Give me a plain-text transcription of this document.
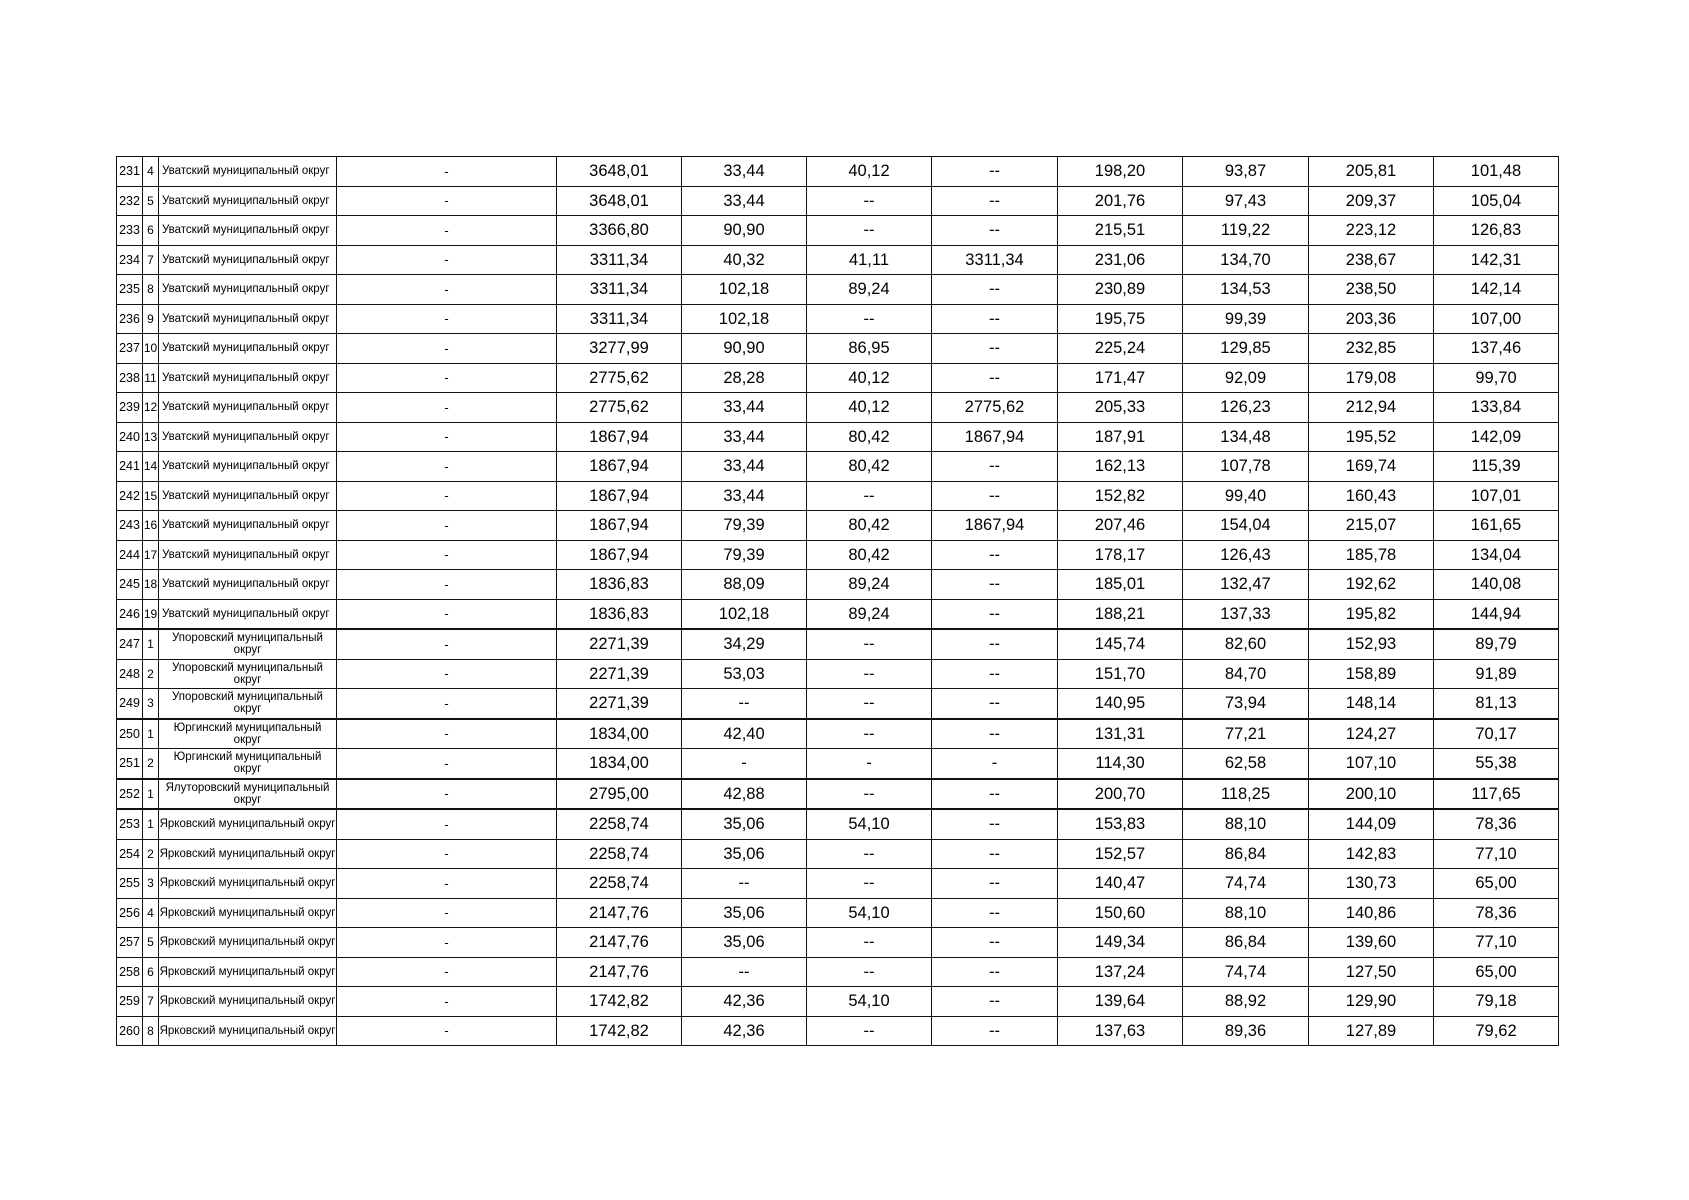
231	4	Уватский муниципальный округ	-	3648,01	33,44	40,12	--	198,20	93,87	205,81	101,48
232	5	Уватский муниципальный округ	-	3648,01	33,44	--	--	201,76	97,43	209,37	105,04
233	6	Уватский муниципальный округ	-	3366,80	90,90	--	--	215,51	119,22	223,12	126,83
234	7	Уватский муниципальный округ	-	3311,34	40,32	41,11	3311,34	231,06	134,70	238,67	142,31
235	8	Уватский муниципальный округ	-	3311,34	102,18	89,24	--	230,89	134,53	238,50	142,14
236	9	Уватский муниципальный округ	-	3311,34	102,18	--	--	195,75	99,39	203,36	107,00
237	10	Уватский муниципальный округ	-	3277,99	90,90	86,95	--	225,24	129,85	232,85	137,46
238	11	Уватский муниципальный округ	-	2775,62	28,28	40,12	--	171,47	92,09	179,08	99,70
239	12	Уватский муниципальный округ	-	2775,62	33,44	40,12	2775,62	205,33	126,23	212,94	133,84
240	13	Уватский муниципальный округ	-	1867,94	33,44	80,42	1867,94	187,91	134,48	195,52	142,09
241	14	Уватский муниципальный округ	-	1867,94	33,44	80,42	--	162,13	107,78	169,74	115,39
242	15	Уватский муниципальный округ	-	1867,94	33,44	--	--	152,82	99,40	160,43	107,01
243	16	Уватский муниципальный округ	-	1867,94	79,39	80,42	1867,94	207,46	154,04	215,07	161,65
244	17	Уватский муниципальный округ	-	1867,94	79,39	80,42	--	178,17	126,43	185,78	134,04
245	18	Уватский муниципальный округ	-	1836,83	88,09	89,24	--	185,01	132,47	192,62	140,08
246	19	Уватский муниципальный округ	-	1836,83	102,18	89,24	--	188,21	137,33	195,82	144,94
247	1	Упоровский муниципальный округ	-	2271,39	34,29	--	--	145,74	82,60	152,93	89,79
248	2	Упоровский муниципальный округ	-	2271,39	53,03	--	--	151,70	84,70	158,89	91,89
249	3	Упоровский муниципальный округ	-	2271,39	--	--	--	140,95	73,94	148,14	81,13
250	1	Юргинский муниципальный округ	-	1834,00	42,40	--	--	131,31	77,21	124,27	70,17
251	2	Юргинский муниципальный округ	-	1834,00	-	-	-	114,30	62,58	107,10	55,38
252	1	Ялуторовский муниципальный округ	-	2795,00	42,88	--	--	200,70	118,25	200,10	117,65
253	1	Ярковский муниципальный округ	-	2258,74	35,06	54,10	--	153,83	88,10	144,09	78,36
254	2	Ярковский муниципальный округ	-	2258,74	35,06	--	--	152,57	86,84	142,83	77,10
255	3	Ярковский муниципальный округ	-	2258,74	--	--	--	140,47	74,74	130,73	65,00
256	4	Ярковский муниципальный округ	-	2147,76	35,06	54,10	--	150,60	88,10	140,86	78,36
257	5	Ярковский муниципальный округ	-	2147,76	35,06	--	--	149,34	86,84	139,60	77,10
258	6	Ярковский муниципальный округ	-	2147,76	--	--	--	137,24	74,74	127,50	65,00
259	7	Ярковский муниципальный округ	-	1742,82	42,36	54,10	--	139,64	88,92	129,90	79,18
260	8	Ярковский муниципальный округ	-	1742,82	42,36	--	--	137,63	89,36	127,89	79,62
